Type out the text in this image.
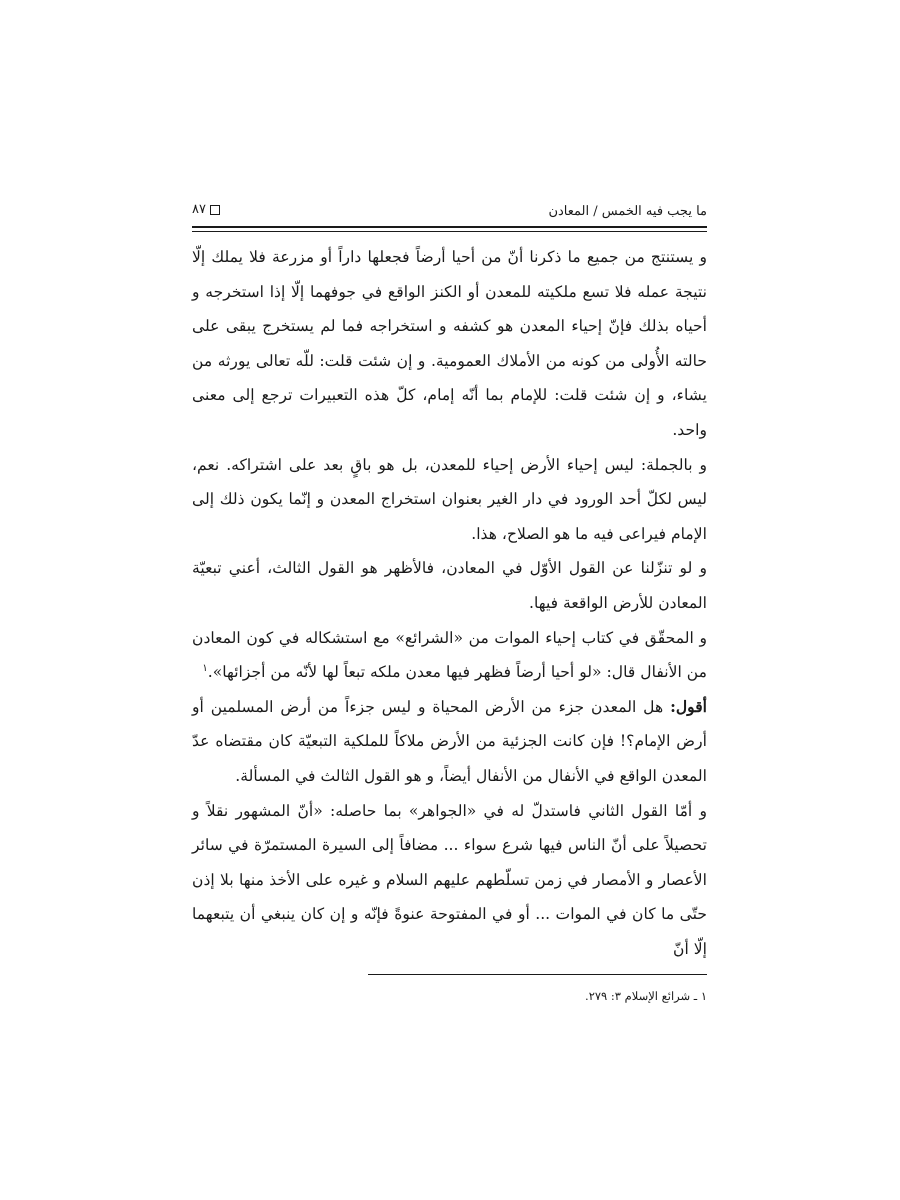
ما يجب فيه الخمس / المعادن
٨٧

و يستنتج من جميع ما ذكرنا أنّ من أحيا أرضاً فجعلها داراً أو مزرعة فلا يملك إلّا نتيجة عمله فلا تسع ملكيته للمعدن أو الكنز الواقع في جوفهما إلّا إذا استخرجه و أحياه بذلك فإنّ إحياء المعدن هو كشفه و استخراجه فما لم يستخرج يبقى على حالته الأُولى من كونه من الأملاك العمومية. و إن شئت قلت: للّه تعالى يورثه من يشاء، و إن شئت قلت: للإمام بما أنّه إمام، كلّ هذه التعبيرات ترجع إلى معنى واحد.

و بالجملة: ليس إحياء الأرض إحياء للمعدن، بل هو باقٍ بعد على اشتراكه. نعم، ليس لكلّ أحد الورود في دار الغير بعنوان استخراج المعدن و إنّما يكون ذلك إلى الإمام فيراعى فيه ما هو الصلاح، هذا.

و لو تنزّلنا عن القول الأوّل في المعادن، فالأظهر هو القول الثالث، أعني تبعيّة المعادن للأرض الواقعة فيها.

و المحقّق في كتاب إحياء الموات من «الشرائع» مع استشكاله في كون المعادن من الأنفال قال: «لو أحيا أرضاً فظهر فيها معدن ملكه تبعاً لها لأنّه من أجزائها».$^١$

أقول: هل المعدن جزء من الأرض المحياة و ليس جزءاً من أرض المسلمين أو أرض الإمام؟! فإن كانت الجزئية من الأرض ملاكاً للملكية التبعيّة كان مقتضاه عدّ المعدن الواقع في الأنفال من الأنفال أيضاً، و هو القول الثالث في المسألة.

و أمّا القول الثاني فاستدلّ له في «الجواهر» بما حاصله: «أنّ المشهور نقلاً و تحصيلاً على أنّ الناس فيها شرع سواء ... مضافاً إلى السيرة المستمرّة في سائر الأعصار و الأمصار في زمن تسلّطهم عليهم السلام و غيره على الأخذ منها بلا إذن حتّى ما كان في الموات ... أو في المفتوحة عنوةً فإنّه و إن كان ينبغي أن يتبعهما إلّا أنّ

١ ـ شرائع الإسلام ٣: ٢٧٩.
